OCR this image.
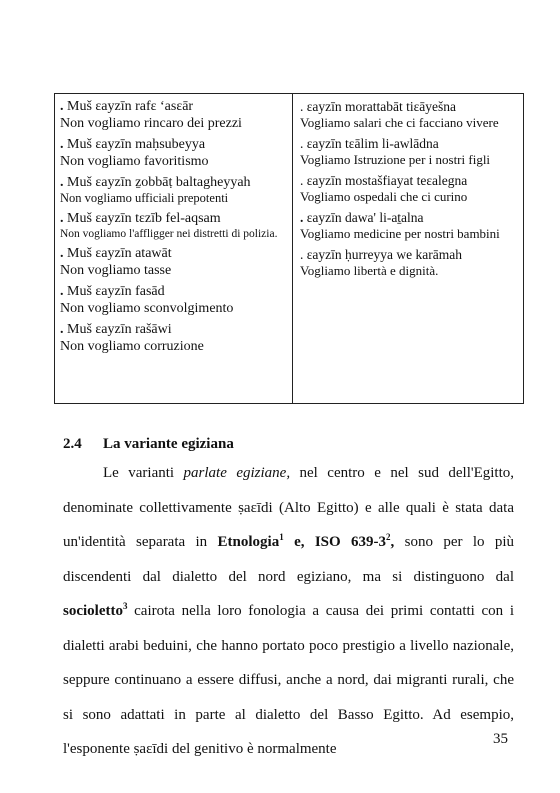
. Muš ɛayzīn rafɛ ʻasɛār
Non vogliamo rincaro dei prezzi
. Muš ɛayzīn maḥsubeyya
Non vogliamo favoritismo
. Muš ɛayzīn ẕobbāṭ baltagheyyah
Non vogliamo ufficiali prepotenti
. Muš ɛayzīn tɛzīb fel-aqsam
Non vogliamo l'affligger nei distretti di polizia.
. Muš ɛayzīn atawāt
Non vogliamo tasse
. Muš ɛayzīn fasād
Non vogliamo sconvolgimento
. Muš ɛayzīn rašāwi
Non vogliamo corruzione
. ɛayzīn morattabāt tiɛāyešna
Vogliamo salari che ci facciano vivere
. ɛayzīn tɛālim li-awlādna
Vogliamo Istruzione per i nostri figli
. ɛayzīn mostašfiayat teɛalegna
Vogliamo ospedali che ci curino
. ɛayzīn dawa' li-aṯalna
Vogliamo medicine per nostri bambini
. ɛayzīn ḥurreyya we karāmah
Vogliamo libertà e dignità.
2.4 La variante egiziana

Le varianti parlate egiziane, nel centro e nel sud dell'Egitto, denominate collettivamente ṣaɛīdi (Alto Egitto) e alle quali è stata data un'identità separata in Etnologia$^1$ e, ISO $639-3^2$, sono per lo più discendenti dal dialetto del nord egiziano, ma si distinguono dal socioletto$^3$ cairota nella loro fonologia a causa dei primi contatti con i dialetti arabi beduini, che hanno portato poco prestigio a livello nazionale, seppure continuano a essere diffusi, anche a nord, dai migranti rurali, che si sono adattati in parte al dialetto del Basso Egitto. Ad esempio, l'esponente ṣaɛīdi del genitivo è normalmente

35
